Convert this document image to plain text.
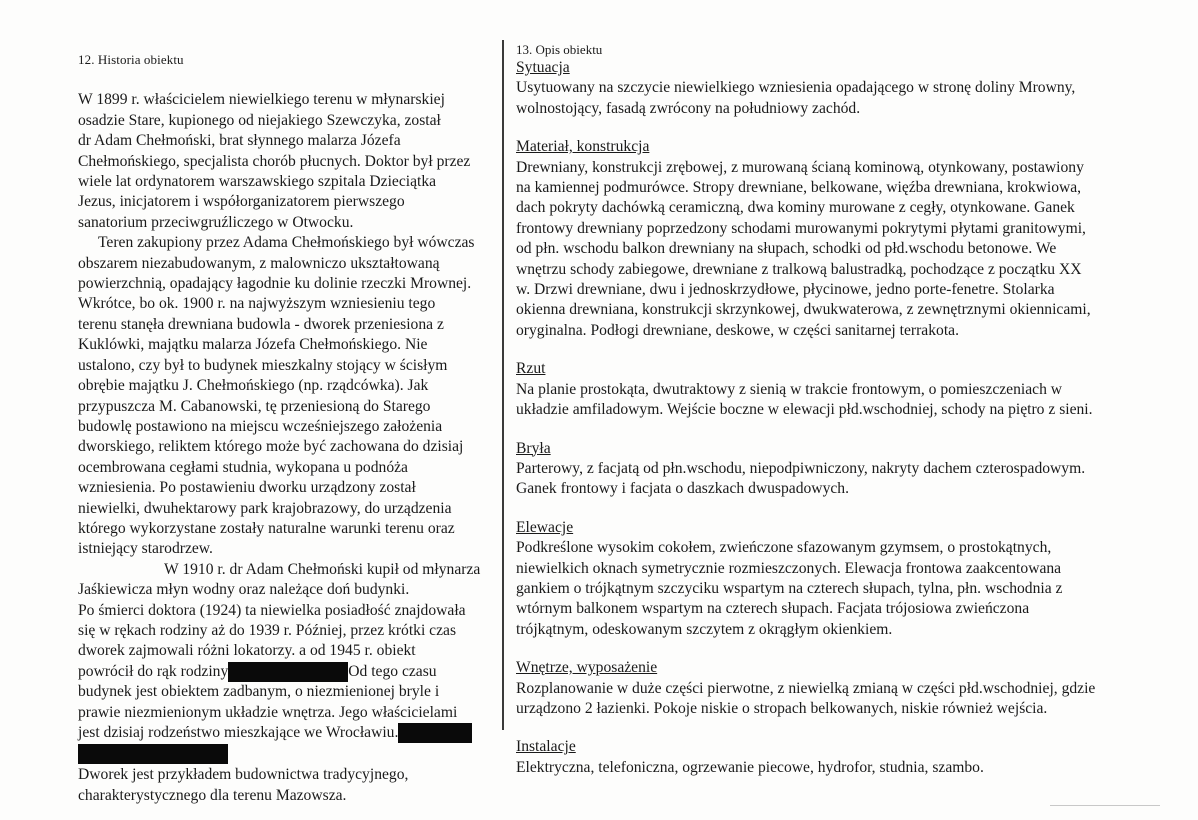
12. Historia obiektu

W 1899 r. właścicielem niewielkiego terenu w młynarskiej
osadzie Stare, kupionego od niejakiego Szewczyka, został
dr Adam Chełmoński, brat słynnego malarza Józefa
Chełmońskiego, specjalista chorób płucnych. Doktor był przez
wiele lat ordynatorem warszawskiego szpitala Dzieciątka
Jezus, inicjatorem i współorganizatorem pierwszego
sanatorium przeciwgruźliczego w Otwocku.

Teren zakupiony przez Adama Chełmońskiego był wówczas
obszarem niezabudowanym, z malowniczo ukształtowaną
powierzchnią, opadający łagodnie ku dolinie rzeczki Mrownej.
Wkrótce, bo ok. 1900 r. na najwyższym wzniesieniu tego
terenu stanęła drewniana budowla - dworek przeniesiona z
Kuklówki, majątku malarza Józefa Chełmońskiego. Nie
ustalono, czy był to budynek mieszkalny stojący w ścisłym
obrębie majątku J. Chełmońskiego (np. rządcówka). Jak
przypuszcza M. Cabanowski, tę przeniesioną do Starego
budowlę postawiono na miejscu wcześniejszego założenia
dworskiego, reliktem którego może być zachowana do dzisiaj
ocembrowana cegłami studnia, wykopana u podnóża
wzniesienia. Po postawieniu dworku urządzony został
niewielki, dwuhektarowy park krajobrazowy, do urządzenia
którego wykorzystane zostały naturalne warunki terenu oraz
istniejący starodrzew.

W 1910 r. dr Adam Chełmoński kupił od młynarza
Jaśkiewicza młyn wodny oraz należące doń budynki.
Po śmierci doktora (1924) ta niewielka posiadłość znajdowała
się w rękach rodziny aż do 1939 r. Później, przez krótki czas
dworek zajmowali różni lokatorzy. a od 1945 r. obiekt
powrócił do rąk rodziny	Od tego czasu
budynek jest obiektem zadbanym, o niezmienionej bryle i
prawie niezmienionym układzie wnętrza. Jego właścicielami
jest dzisiaj rodzeństwo mieszkające we Wrocławiu.

Dworek jest przykładem budownictwa tradycyjnego,
charakterystycznego dla terenu Mazowsza.

13. Opis obiektu
Sytuacja
Usytuowany na szczycie niewielkiego wzniesienia opadającego w stronę doliny Mrowny,
wolnostojący, fasadą zwrócony na południowy zachód.
Materiał, konstrukcja
Drewniany, konstrukcji zrębowej, z murowaną ścianą kominową, otynkowany, postawiony
na kamiennej podmurówce. Stropy drewniane, belkowane, więźba drewniana, krokwiowa,
dach pokryty dachówką ceramiczną, dwa kominy murowane z cegły, otynkowane. Ganek
frontowy drewniany poprzedzony schodami murowanymi pokrytymi płytami granitowymi,
od płn. wschodu balkon drewniany na słupach, schodki od płd.wschodu betonowe. We
wnętrzu schody zabiegowe, drewniane z tralkową balustradką, pochodzące z początku XX
w. Drzwi drewniane, dwu i jednoskrzydłowe, płycinowe, jedno porte-fenetre. Stolarka
okienna drewniana, konstrukcji skrzynkowej, dwukwaterowa, z zewnętrznymi okiennicami,
oryginalna. Podłogi drewniane, deskowe, w części sanitarnej terrakota.
Rzut
Na planie prostokąta, dwutraktowy z sienią w trakcie frontowym, o pomieszczeniach w
układzie amfiladowym. Wejście boczne w elewacji płd.wschodniej, schody na piętro z sieni.
Bryła
Parterowy, z facjatą od płn.wschodu, niepodpiwniczony, nakryty dachem czterospadowym.
Ganek frontowy i facjata o daszkach dwuspadowych.
Elewacje
Podkreślone wysokim cokołem, zwieńczone sfazowanym gzymsem, o prostokątnych,
niewielkich oknach symetrycznie rozmieszczonych. Elewacja frontowa zaakcentowana
gankiem o trójkątnym szczyciku wspartym na czterech słupach, tylna, płn. wschodnia z
wtórnym balkonem wspartym na czterech słupach. Facjata trójosiowa zwieńczona
trójkątnym, odeskowanym szczytem z okrągłym okienkiem.
Wnętrze, wyposażenie
Rozplanowanie w duże części pierwotne, z niewielką zmianą w części płd.wschodniej, gdzie
urządzono 2 łazienki. Pokoje niskie o stropach belkowanych, niskie również wejścia.
Instalacje
Elektryczna, telefoniczna, ogrzewanie piecowe, hydrofor, studnia, szambo.
